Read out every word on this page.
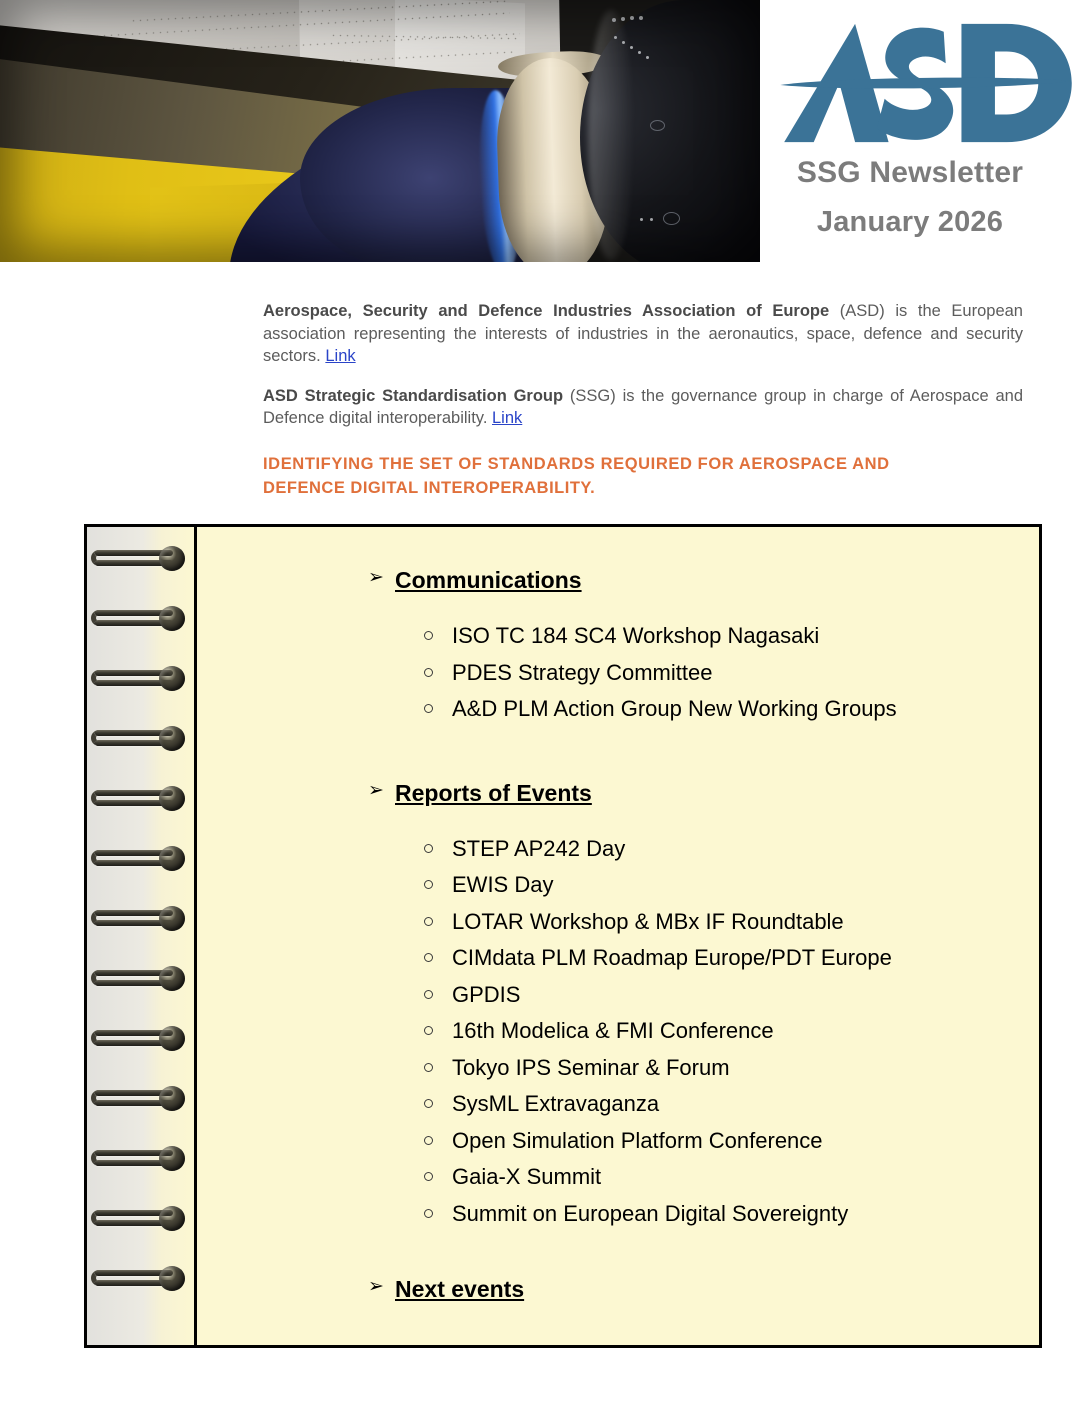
SSG Newsletter
January 2026

Aerospace, Security and Defence Industries Association of Europe (ASD) is the European association representing the interests of industries in the aeronautics, space, defence and security sectors. Link

ASD Strategic Standardisation Group (SSG) is the governance group in charge of Aerospace and Defence digital interoperability. Link

IDENTIFYING THE SET OF STANDARDS REQUIRED FOR AEROSPACE AND
DEFENCE DIGITAL INTEROPERABILITY.
➢ Communications
ISO TC 184 SC4 Workshop Nagasaki
PDES Strategy Committee
A&D PLM Action Group New Working Groups
➢ Reports of Events
STEP AP242 Day
EWIS Day
LOTAR Workshop & MBx IF Roundtable
CIMdata PLM Roadmap Europe/PDT Europe
GPDIS
16th Modelica & FMI Conference
Tokyo IPS Seminar & Forum
SysML Extravaganza
Open Simulation Platform Conference
Gaia-X Summit
Summit on European Digital Sovereignty
➢ Next events
